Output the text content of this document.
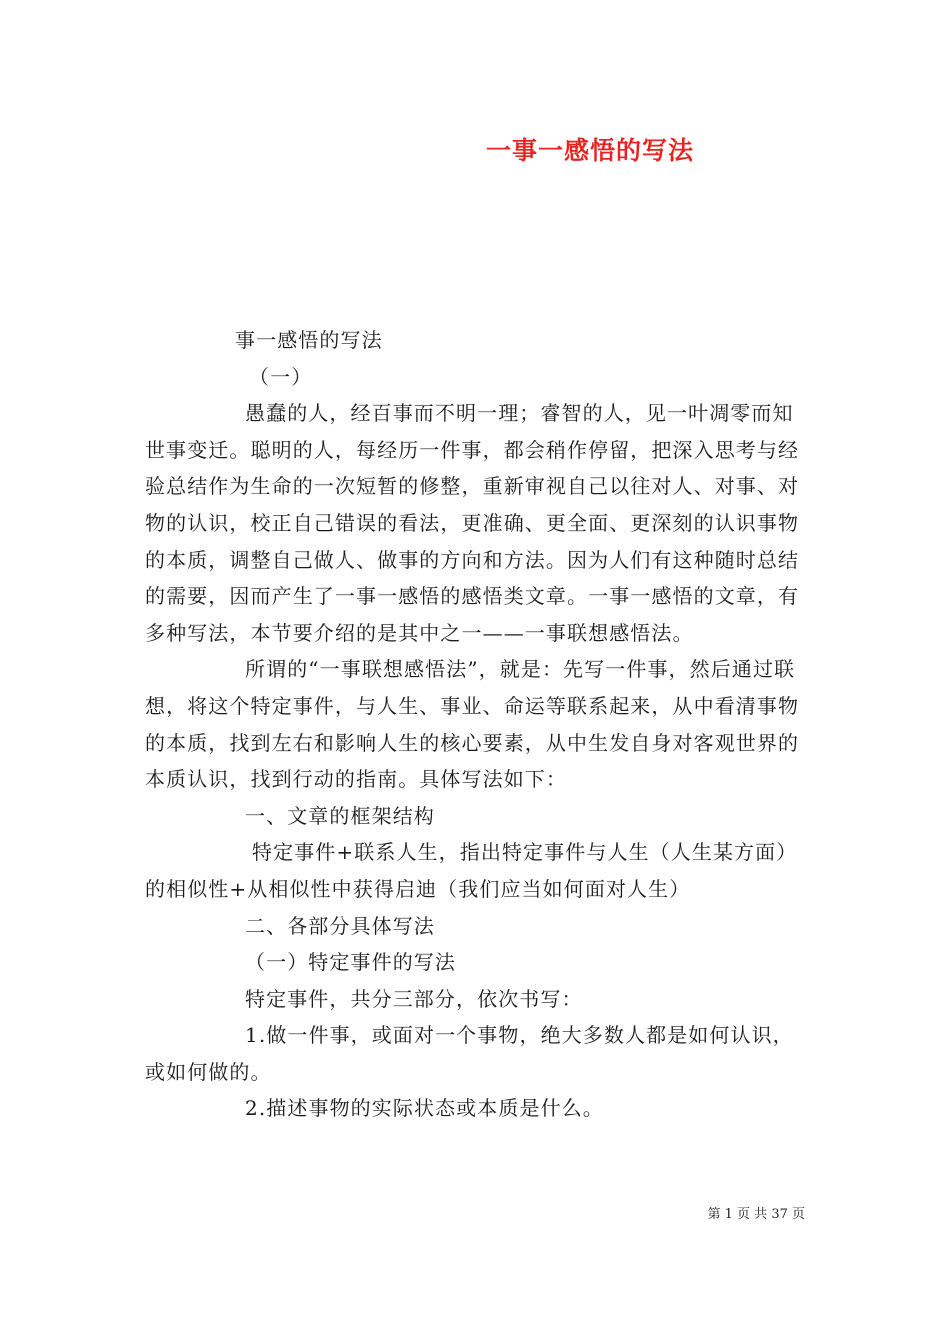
一事一感悟的写法

事一感悟的写法

（一）

愚蠢的人，经百事而不明一理；睿智的人，见一叶凋零而知世事变迁。聪明的人，每经历一件事，都会稍作停留，把深入思考与经验总结作为生命的一次短暂的修整，重新审视自己以往对人、对事、对物的认识，校正自己错误的看法，更准确、更全面、更深刻的认识事物的本质，调整自己做人、做事的方向和方法。因为人们有这种随时总结的需要，因而产生了一事一感悟的感悟类文章。一事一感悟的文章，有多种写法，本节要介绍的是其中之一——一事联想感悟法。

所谓的“一事联想感悟法”，就是：先写一件事，然后通过联想，将这个特定事件，与人生、事业、命运等联系起来，从中看清事物的本质，找到左右和影响人生的核心要素，从中生发自身对客观世界的本质认识，找到行动的指南。具体写法如下：

一、文章的框架结构

特定事件+联系人生，指出特定事件与人生（人生某方面）的相似性+从相似性中获得启迪（我们应当如何面对人生）

二、各部分具体写法

（一）特定事件的写法

特定事件，共分三部分，依次书写：

1.做一件事，或面对一个事物，绝大多数人都是如何认识，或如何做的。

2.描述事物的实际状态或本质是什么。

第 1 页 共 37 页
